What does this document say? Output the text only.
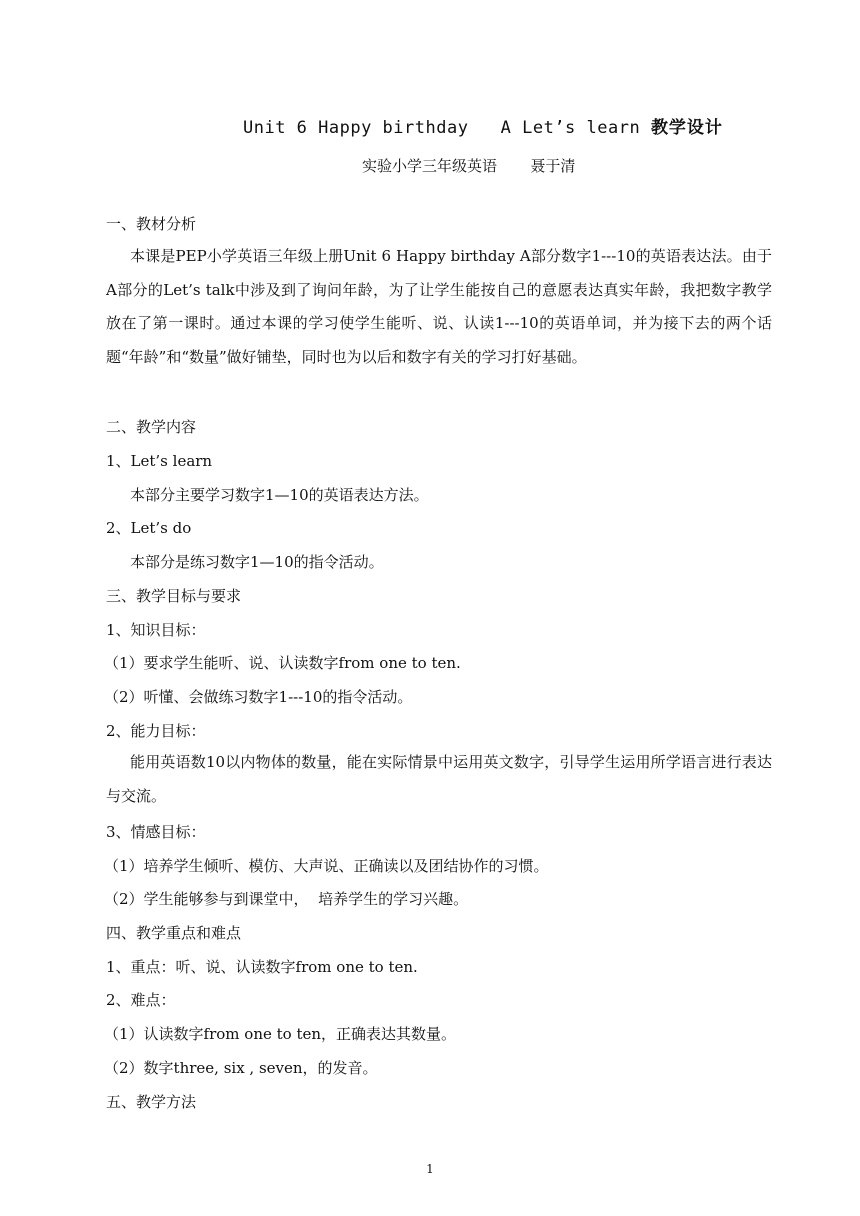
Unit 6 Happy birthday   A Let’s learn 教学设计
实验小学三年级英语       聂于清
一、教材分析
本课是PEP小学英语三年级上册Unit 6 Happy birthday A部分数字1---10的英语表达法。由于A部分的Let’s talk中涉及到了询问年龄，为了让学生能按自己的意愿表达真实年龄，我把数字教学放在了第一课时。通过本课的学习使学生能听、说、认读1---10的英语单词，并为接下去的两个话题“年龄”和“数量”做好铺垫，同时也为以后和数字有关的学习打好基础。
二、教学内容
1、Let’s learn
本部分主要学习数字1—10的英语表达方法。
2、Let’s do
本部分是练习数字1—10的指令活动。
三、教学目标与要求
1、知识目标：
（1）要求学生能听、说、认读数字from one to ten.
（2）听懂、会做练习数字1---10的指令活动。
2、能力目标：
能用英语数10以内物体的数量，能在实际情景中运用英文数字，引导学生运用所学语言进行表达与交流。
3、情感目标：
（1）培养学生倾听、模仿、大声说、正确读以及团结协作的习惯。
（2）学生能够参与到课堂中，  培养学生的学习兴趣。
四、教学重点和难点
1、重点：听、说、认读数字from one to ten.
2、难点：
（1）认读数字from one to ten，正确表达其数量。
（2）数字three, six , seven，的发音。
五、教学方法
1
